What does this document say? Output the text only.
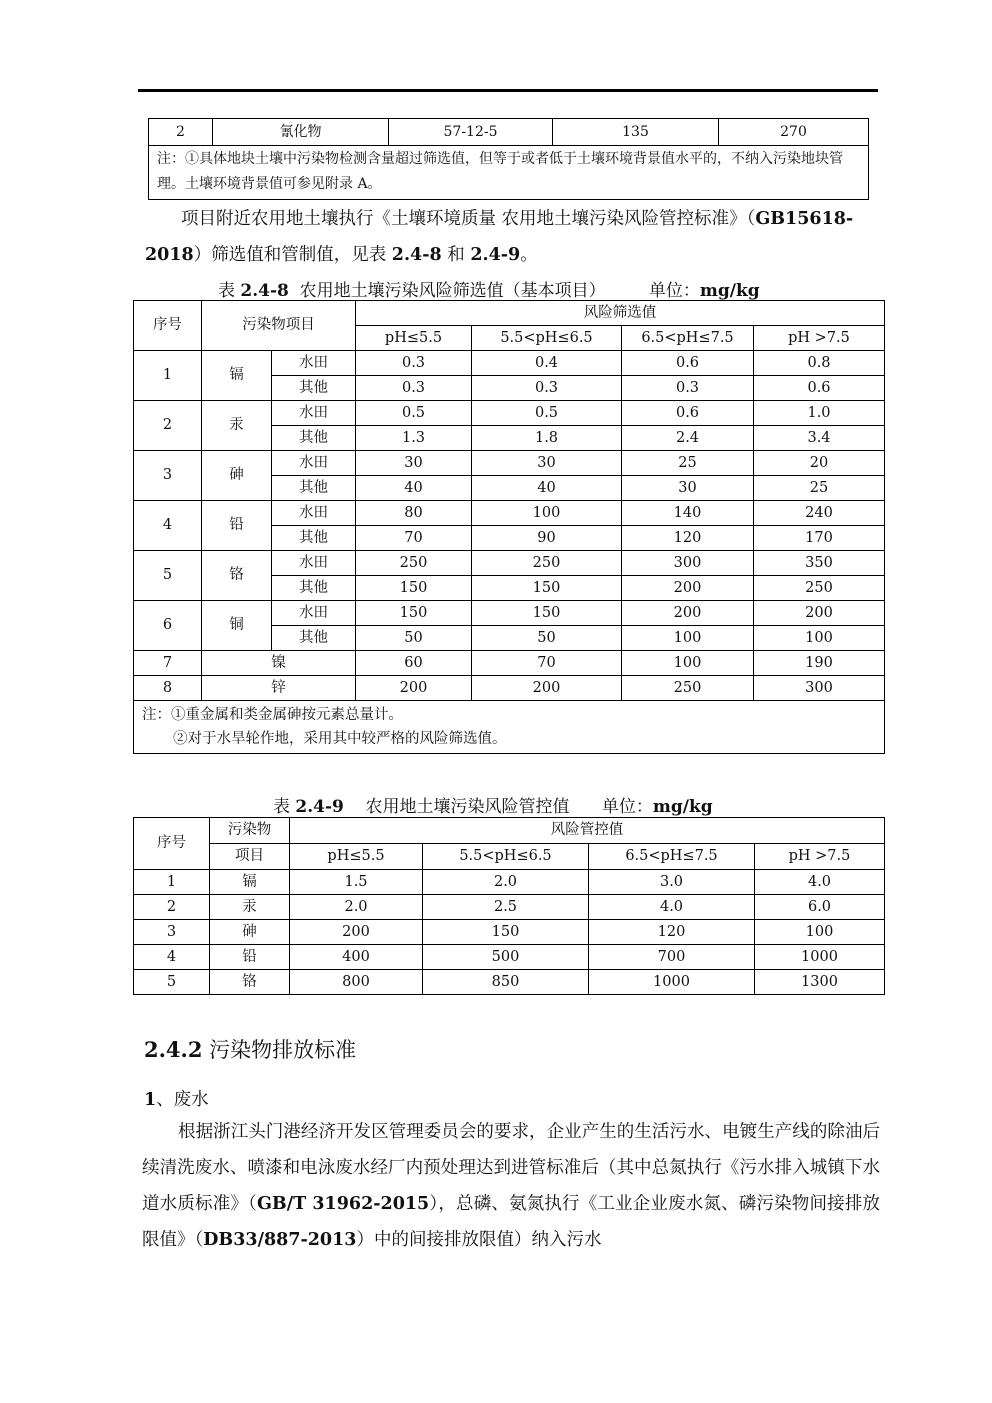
2	氰化物	57-12-5	135	270
注：①具体地块土壤中污染物检测含量超过筛选值，但等于或者低于土壤环境背景值水平的，不纳入污染地块管理。土壤环境背景值可参见附录 A。

项目附近农用地土壤执行《土壤环境质量 农用地土壤污染风险管控标准》（GB15618-2018）筛选值和管制值，见表 2.4-8 和 2.4-9。

表 2.4-8  农用地土壤污染风险筛选值（基本项目）        单位：mg/kg
序号	污染物项目		风险筛选值			
			pH≤5.5	5.5<pH≤6.5	6.5<pH≤7.5	pH >7.5
1	镉	水田	0.3	0.4	0.6	0.8
		其他	0.3	0.3	0.3	0.6
2	汞	水田	0.5	0.5	0.6	1.0
		其他	1.3	1.8	2.4	3.4
3	砷	水田	30	30	25	20
		其他	40	40	30	25
4	铅	水田	80	100	140	240
		其他	70	90	120	170
5	铬	水田	250	250	300	350
		其他	150	150	200	250
6	铜	水田	150	150	200	200
		其他	50	50	100	100
7	镍		60	70	100	190
8	锌		200	200	250	300

注：①重金属和类金属砷按元素总量计。
②对于水旱轮作地，采用其中较严格的风险筛选值。						
表 2.4-9    农用地土壤污染风险管控值      单位：mg/kg
序号	污染物	风险管控值			
	项目	pH≤5.5	5.5<pH≤6.5	6.5<pH≤7.5	pH >7.5
1	镉	1.5	2.0	3.0	4.0
2	汞	2.0	2.5	4.0	6.0
3	砷	200	150	120	100
4	铅	400	500	700	1000
5	铬	800	850	1000	1300
2.4.2 污染物排放标准
1、废水

根据浙江头门港经济开发区管理委员会的要求，企业产生的生活污水、电镀生产线的除油后续清洗废水、喷漆和电泳废水经厂内预处理达到进管标准后（其中总氮执行《污水排入城镇下水道水质标准》（GB/T 31962-2015），总磷、氨氮执行《工业企业废水氮、磷污染物间接排放限值》（DB33/887-2013）中的间接排放限值）纳入污水
